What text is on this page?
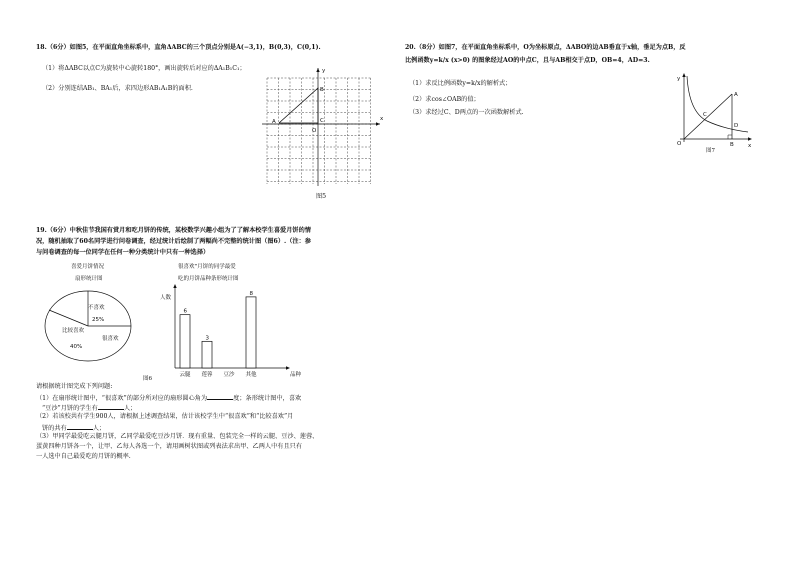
18.（6分）如图5，在平面直角坐标系中，直角ΔABC的三个顶点分别是A(−3,1)，B(0,3)，C(0,1).
（1）将ΔABC以点C为旋转中心旋转180°，画出旋转后对应的ΔA₁B₁C₁；
（2）分别连结AB₁、BA₁后，求四边形AB₁A₁B的面积.
y
x
A
B
C
O
图5
19.（6分）中秋佳节我国有赏月和吃月饼的传统，某校数学兴趣小组为了了解本校学生喜爱月饼的情
况，随机抽取了60名同学进行问卷调查，经过统计后绘制了两幅尚不完整的统计图（图6）.（注：参
与问卷调查的每一位同学在任何一种分类统计中只有一种选择）
喜爱月饼情况
扇形统计图
不喜欢
25%
比较喜欢
40%
很喜欢
很喜欢”月饼的同学最爱
吃的月饼品种条形统计图
人数
品种
6
云腿
3
莲蓉 豆沙
8
其他
图6
请根据统计图完成下列问题:
（1）在扇形统计图中，“很喜欢”的部分所对应的扇形圆心角为	度；条形统计图中，喜欢
“豆沙”月饼的学生有	人；
（2）若该校共有学生900人，请根据上述调查结果，估计该校学生中“很喜欢”和“比较喜欢”月
饼的共有	人；
（3）甲同学最爱吃云腿月饼，乙同学最爱吃豆沙月饼．现有重量、包装完全一样的云腿、豆沙、莲蓉、
蛋黄四种月饼各一个，让甲、乙每人各选一个，请用画树状图或列表法求出甲、乙两人中有且只有
一人选中自己最爱吃的月饼的概率.
20.（8分）如图7，在平面直角坐标系中，O为坐标原点，ΔABO的边AB垂直于x轴，垂足为点B，反
比例函数y=k/x (x>0) 的图象经过AO的中点C，且与AB相交于点D，OB=4，AD=3.
（1）求反比例函数y=k/x的解析式；
（2）求cos∠OAB的值；
（3）求经过C、D两点的一次函数解析式.
y
x
A
C
D
B
O
图7
